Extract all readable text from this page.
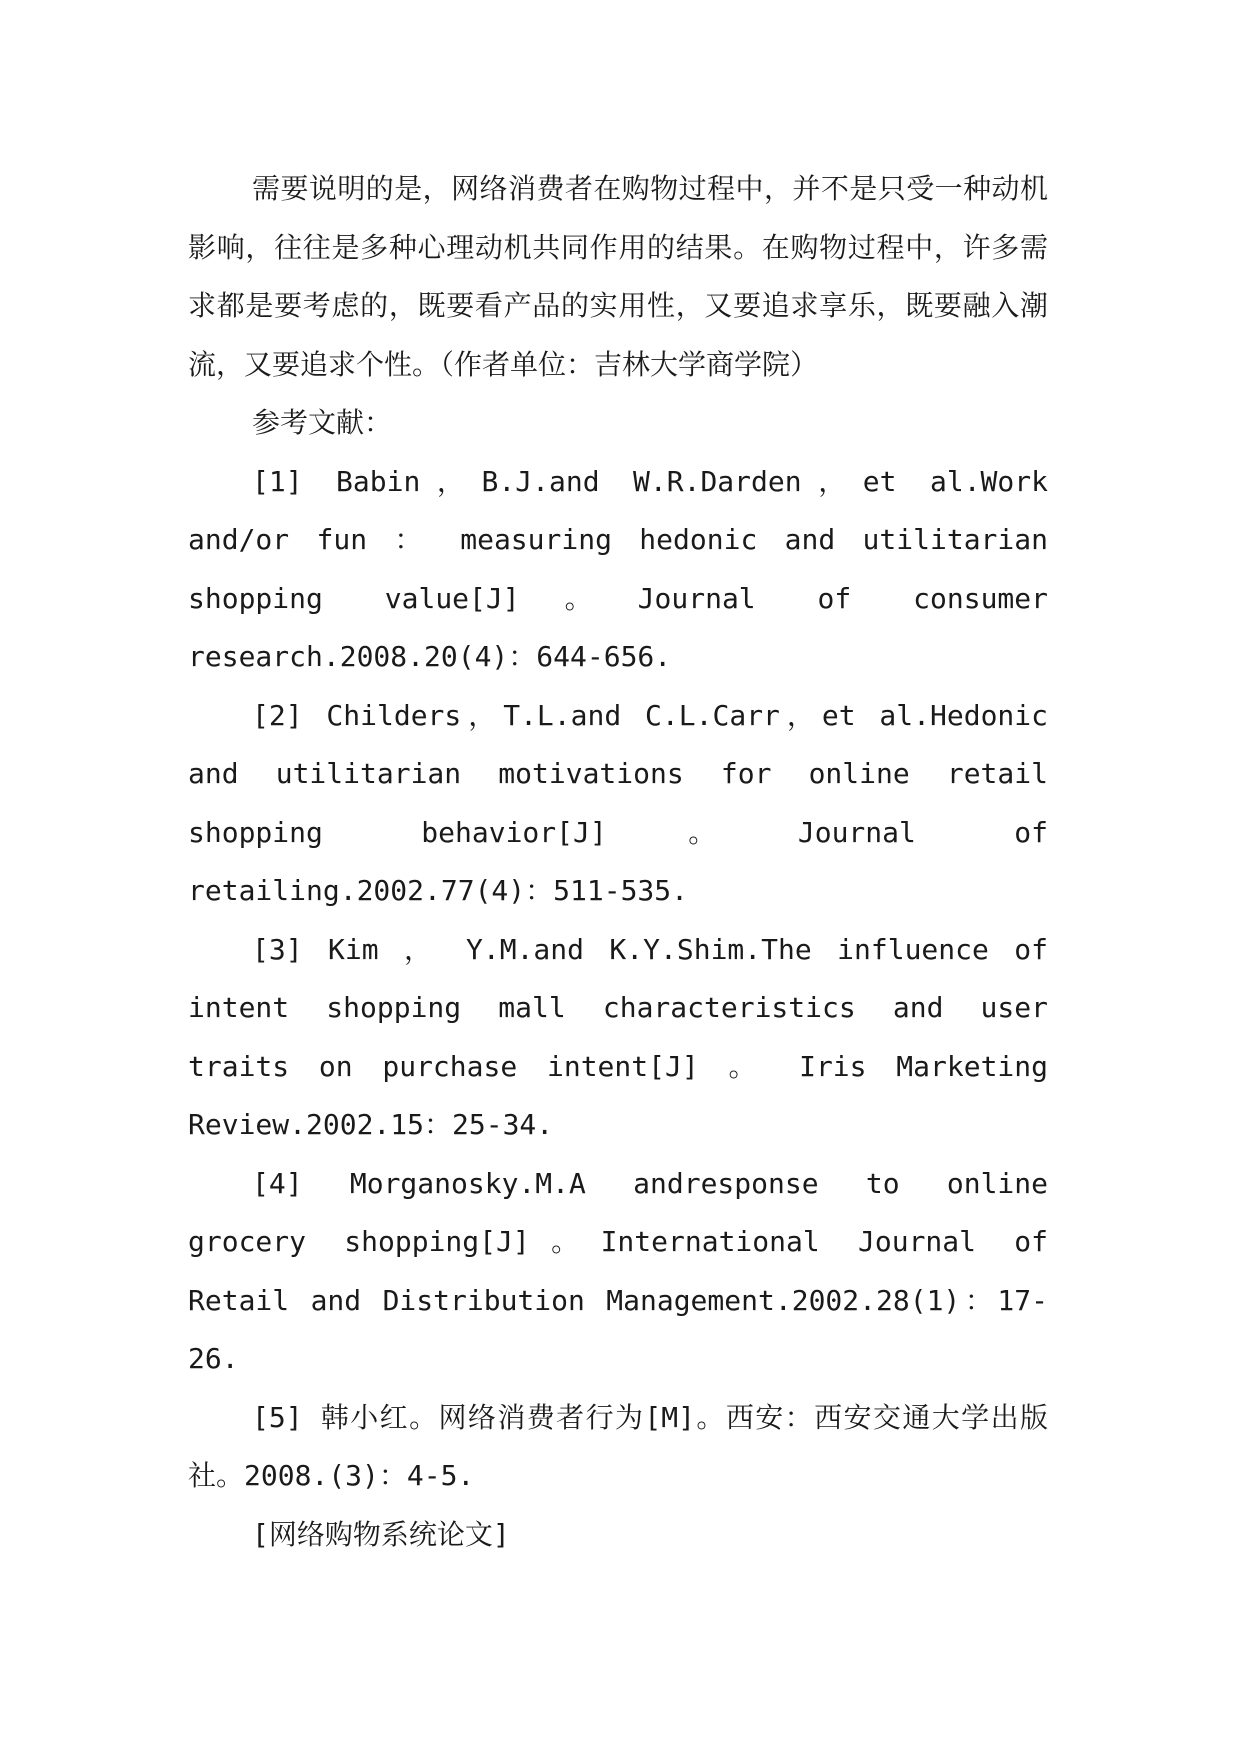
需要说明的是，网络消费者在购物过程中，并不是只受一种动机影响，往往是多种心理动机共同作用的结果。在购物过程中，许多需求都是要考虑的，既要看产品的实用性，又要追求享乐，既要融入潮流，又要追求个性。（作者单位：吉林大学商学院）

参考文献：

[1] Babin，B.J.and W.R.Darden，et al.Work and/or fun ： measuring hedonic and utilitarian shopping value[J]。Journal of consumer research.2008.20(4)：644-656.

[2] Childers，T.L.and C.L.Carr，et al.Hedonic and utilitarian motivations for online retail shopping behavior[J]。Journal of retailing.2002.77(4)：511-535.

[3] Kim ， Y.M.and K.Y.Shim.The influence of intent shopping mall characteristics and user traits on purchase intent[J] 。 Iris Marketing Review.2002.15：25-34.

[4] Morganosky.M.A andresponse to online grocery shopping[J]。International Journal of Retail and Distribution Management.2002.28(1)：17-26.

[5] 韩小红。网络消费者行为[M]。西安：西安交通大学出版社。2008.(3)：4-5.

[网络购物系统论文]
